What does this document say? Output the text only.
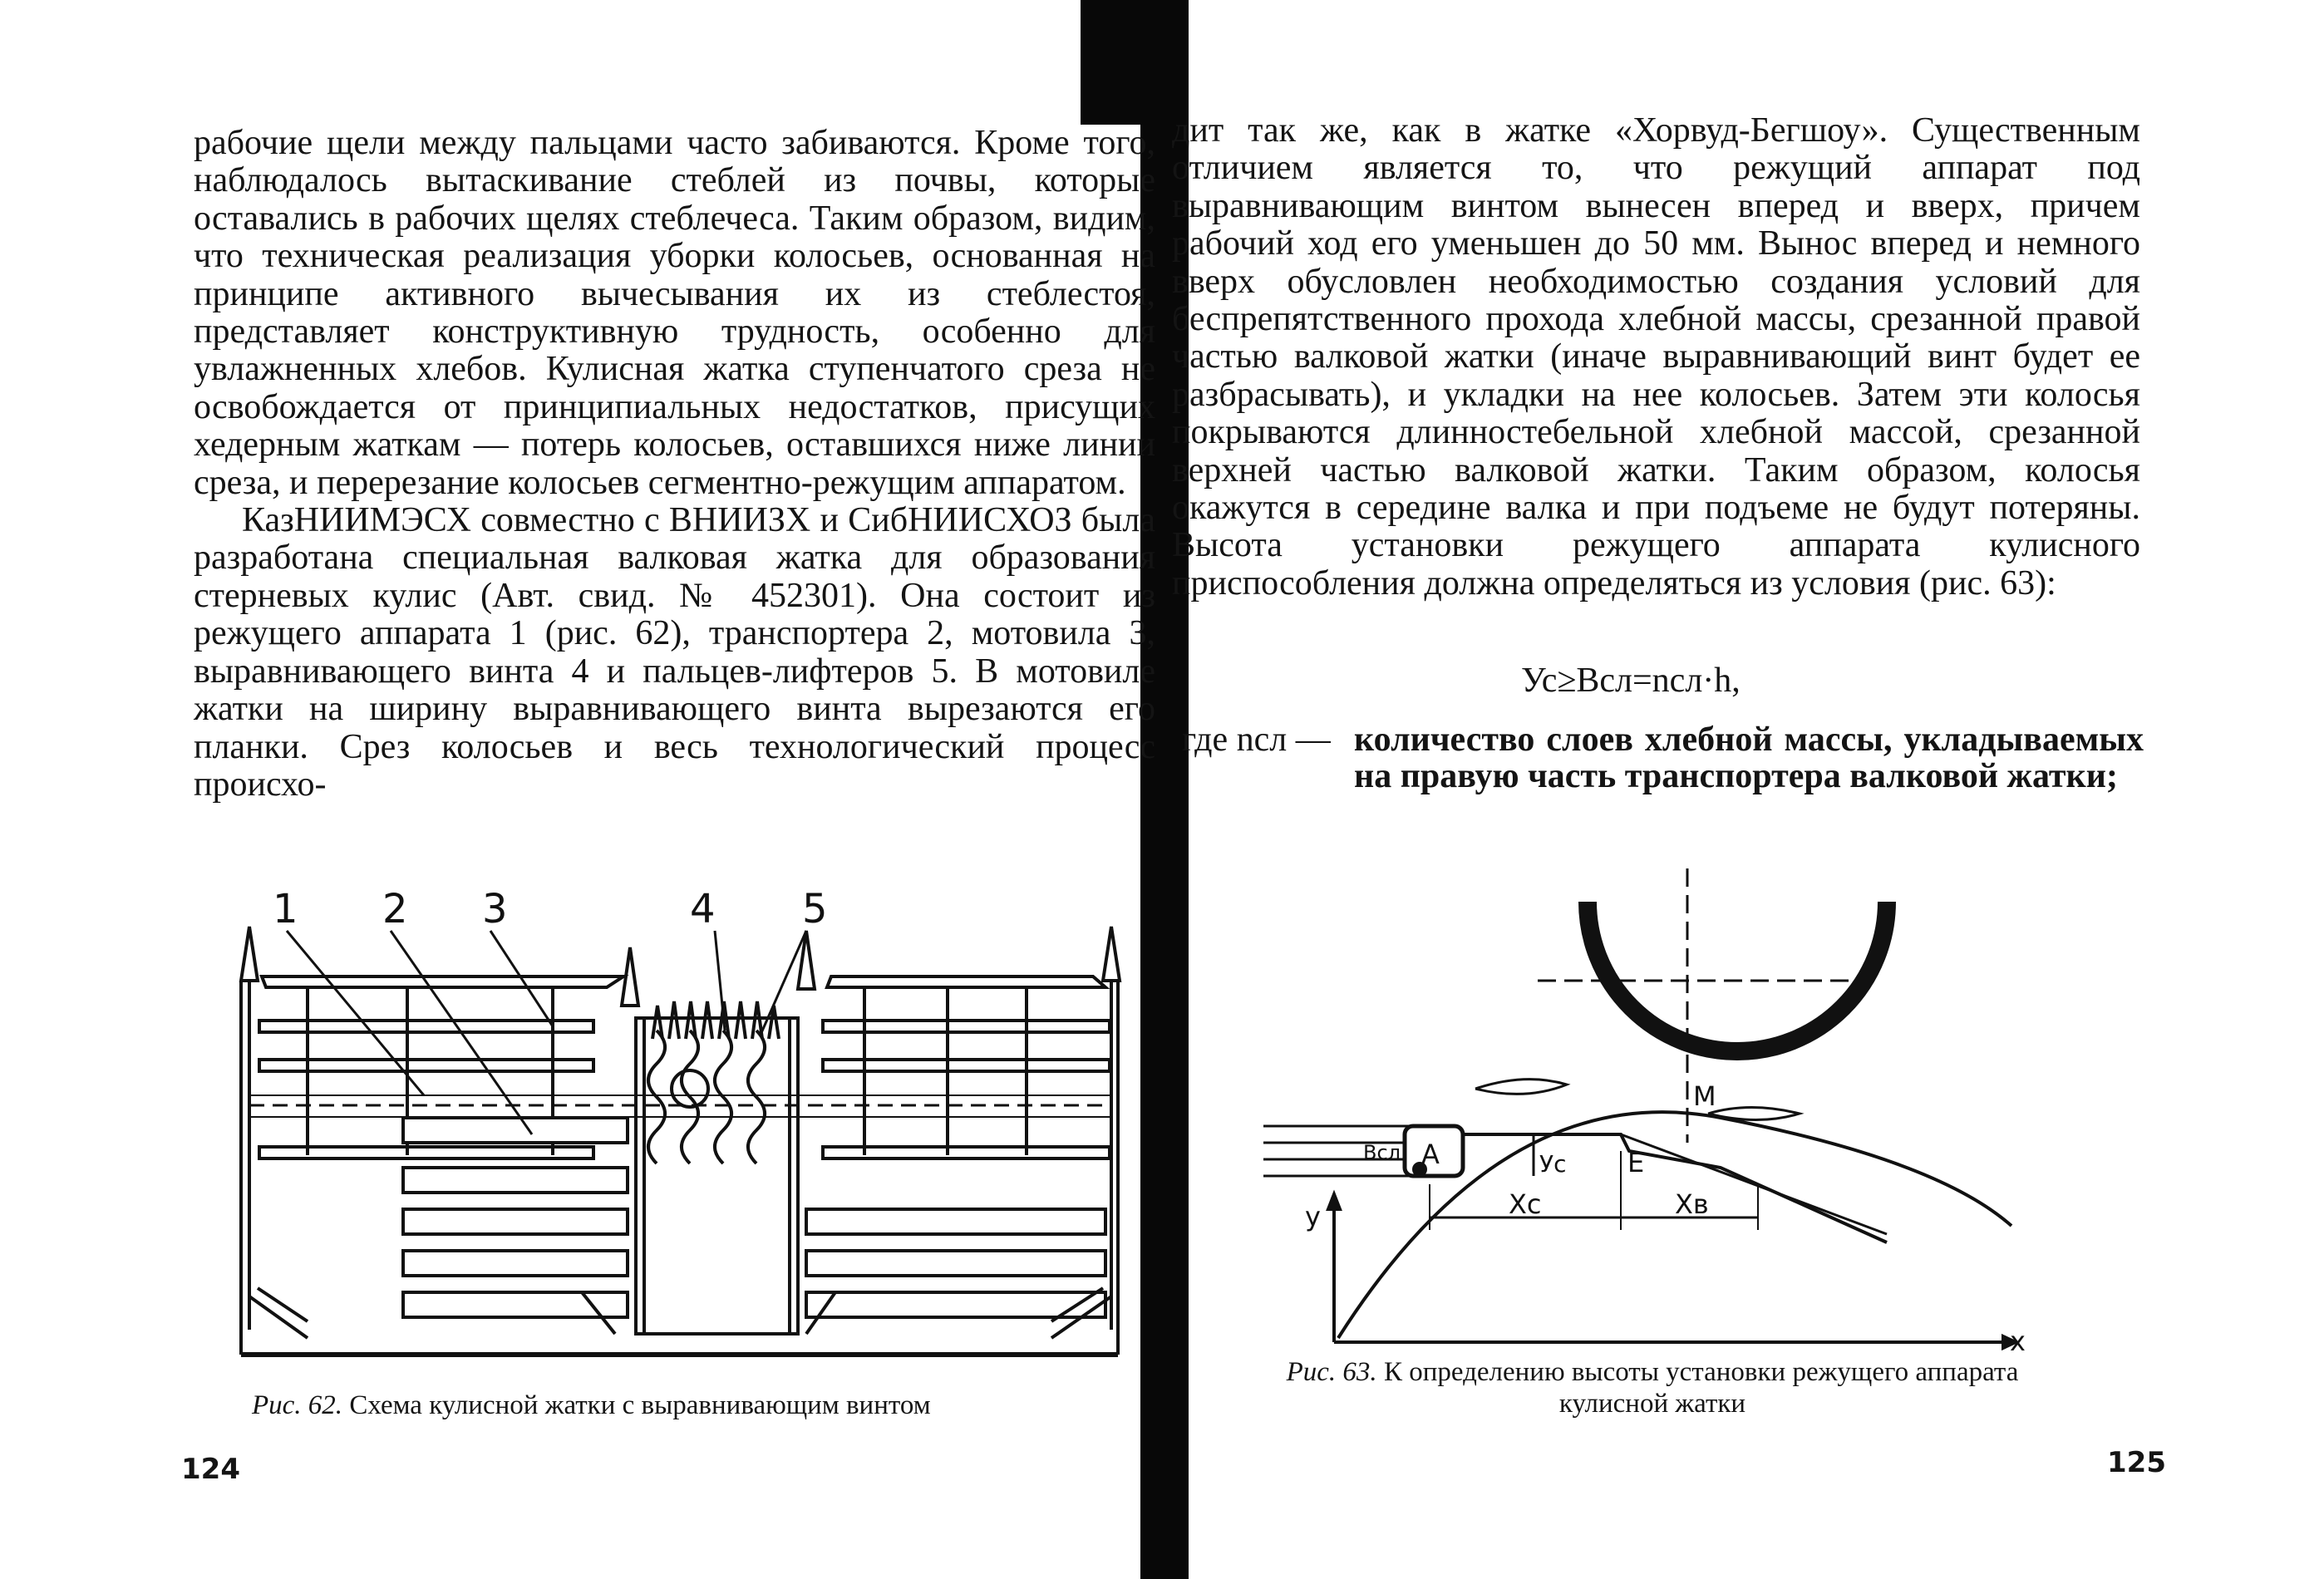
рабочие щели между пальцами часто забиваются. Кроме того, наблюдалось вытаскивание стеблей из почвы, которые оставались в рабочих щелях стеблечеса. Таким образом, видим, что техническая реализация уборки колосьев, основанная на принципе активного вычесывания их из стеблестоя, представляет конструктивную трудность, особенно для увлажненных хлебов. Кулисная жатка ступенчатого среза не освобождается от принципиальных недостатков, присущих хедерным жаткам — потерь колосьев, оставшихся ниже линии среза, и перерезание колосьев сегментно-режущим аппаратом.

КазНИИМЭСХ совместно с ВНИИЗХ и СибНИИСХОЗ была разработана специальная валковая жатка для образования стерневых кулис (Авт. свид. № 452301). Она состоит из режущего аппарата 1 (рис. 62), транспортера 2, мотовила 3, выравнивающего винта 4 и пальцев-лифтеров 5. В мотовиле жатки на ширину выравнивающего винта вырезаются его планки. Срез колосьев и весь технологический процесс происхо-

1 2 3	4 5
Рис. 62. Схема кулисной жатки с выравнивающим винтом
124

дит так же, как в жатке «Хорвуд-Бегшоу». Существенным отличием является то, что режущий аппарат под выравнивающим винтом вынесен вперед и вверх, причем рабочий ход его уменьшен до 50 мм. Вынос вперед и немного вверх обусловлен необходимостью создания условий для беспрепятственного прохода хлебной массы, срезанной правой частью валковой жатки (иначе выравнивающий винт будет ее разбрасывать), и укладки на нее колосьев. Затем эти колосья покрываются длинностебельной хлебной массой, срезанной верхней частью валковой жатки. Таким образом, колосья окажутся в середине валка и при подъеме не будут потеряны. Высота установки режущего аппарата кулисного приспособления должна определяться из условия (рис. 63):

Ус≥Всл=nсл·h,
где nсл — количество слоев хлебной массы, укладываемых на правую часть транспортера валковой жатки;
M
A	E
Всл	Ус
Хс	Хв
у
х
Рис. 63. К определению высоты установки режущего аппарата кулисной жатки
125
